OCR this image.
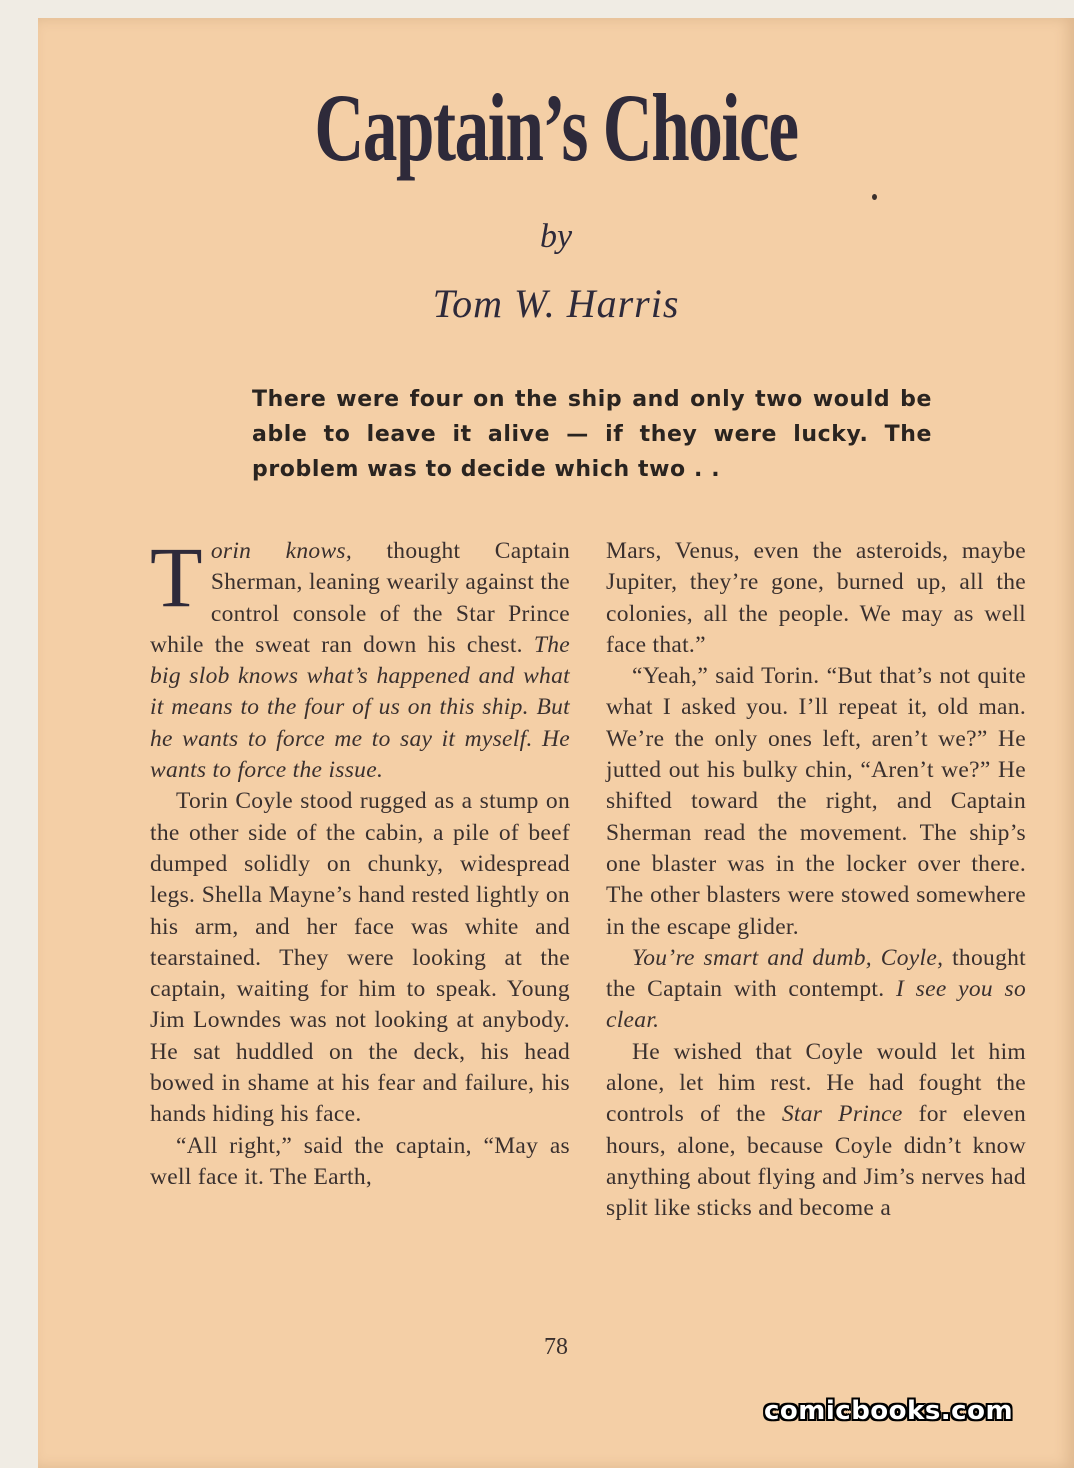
Captain’s Choice
by
Tom W. Harris

There were four on the ship and only two would be able to leave it alive — if they were lucky. The problem was to decide which two . .

Torin knows, thought Captain Sherman, leaning wearily against the control console of the Star Prince while the sweat ran down his chest. The big slob knows what’s happened and what it means to the four of us on this ship. But he wants to force me to say it myself. He wants to force the issue.

Torin Coyle stood rugged as a stump on the other side of the cabin, a pile of beef dumped solidly on chunky, widespread legs. Shella Mayne’s hand rested lightly on his arm, and her face was white and tearstained. They were looking at the captain, waiting for him to speak. Young Jim Lowndes was not looking at anybody. He sat huddled on the deck, his head bowed in shame at his fear and failure, his hands hiding his face.

“All right,” said the captain, “May as well face it. The Earth,

Mars, Venus, even the asteroids, maybe Jupiter, they’re gone, burned up, all the colonies, all the people. We may as well face that.”

“Yeah,” said Torin. “But that’s not quite what I asked you. I’ll repeat it, old man. We’re the only ones left, aren’t we?” He jutted out his bulky chin, “Aren’t we?” He shifted toward the right, and Captain Sherman read the movement. The ship’s one blaster was in the locker over there. The other blasters were stowed somewhere in the escape glider.

You’re smart and dumb, Coyle, thought the Captain with contempt. I see you so clear.

He wished that Coyle would let him alone, let him rest. He had fought the controls of the Star Prince for eleven hours, alone, because Coyle didn’t know anything about flying and Jim’s nerves had split like sticks and become a

78
comicbooks.com
